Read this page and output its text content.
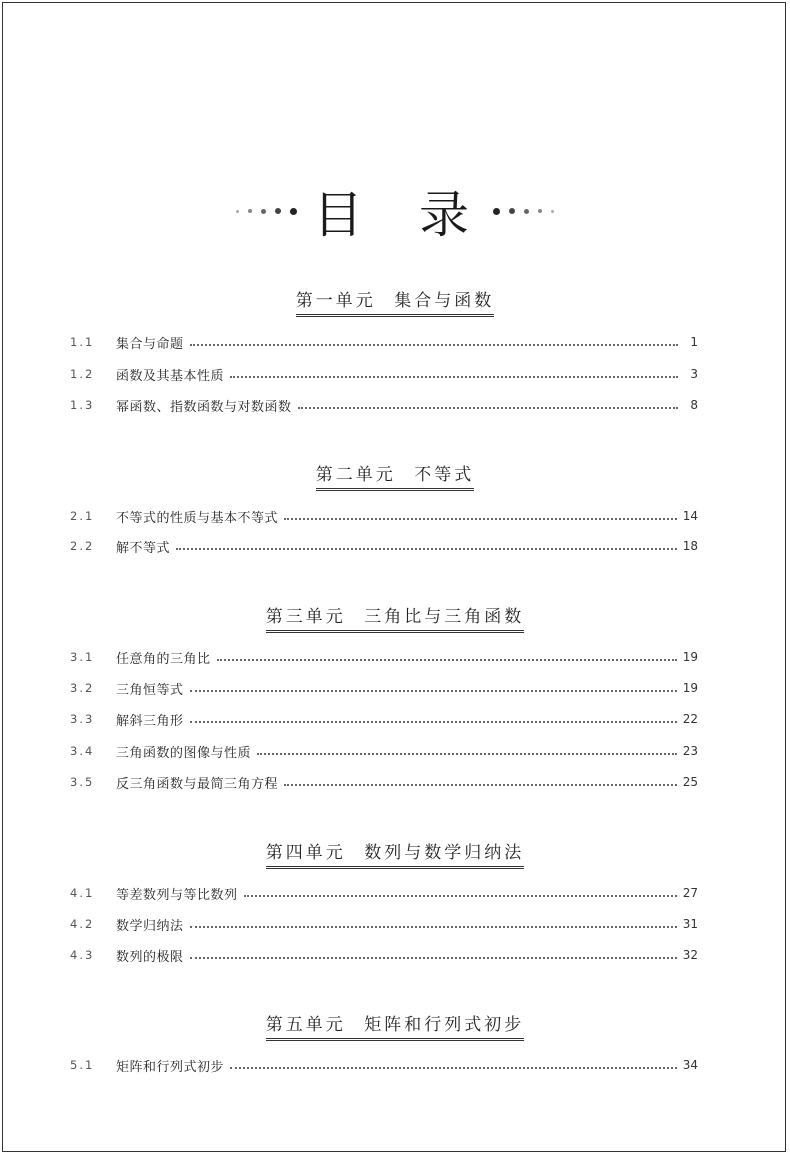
目 录
第一单元 集合与函数
1.1	集合与命题	1
1.2	函数及其基本性质	3
1.3	幂函数、指数函数与对数函数	8
第二单元 不等式
2.1	不等式的性质与基本不等式	14
2.2	解不等式	18
第三单元 三角比与三角函数
3.1	任意角的三角比	19
3.2	三角恒等式	19
3.3	解斜三角形	22
3.4	三角函数的图像与性质	23
3.5	反三角函数与最简三角方程	25
第四单元 数列与数学归纳法
4.1	等差数列与等比数列	27
4.2	数学归纳法	31
4.3	数列的极限	32
第五单元 矩阵和行列式初步
5.1	矩阵和行列式初步	34
